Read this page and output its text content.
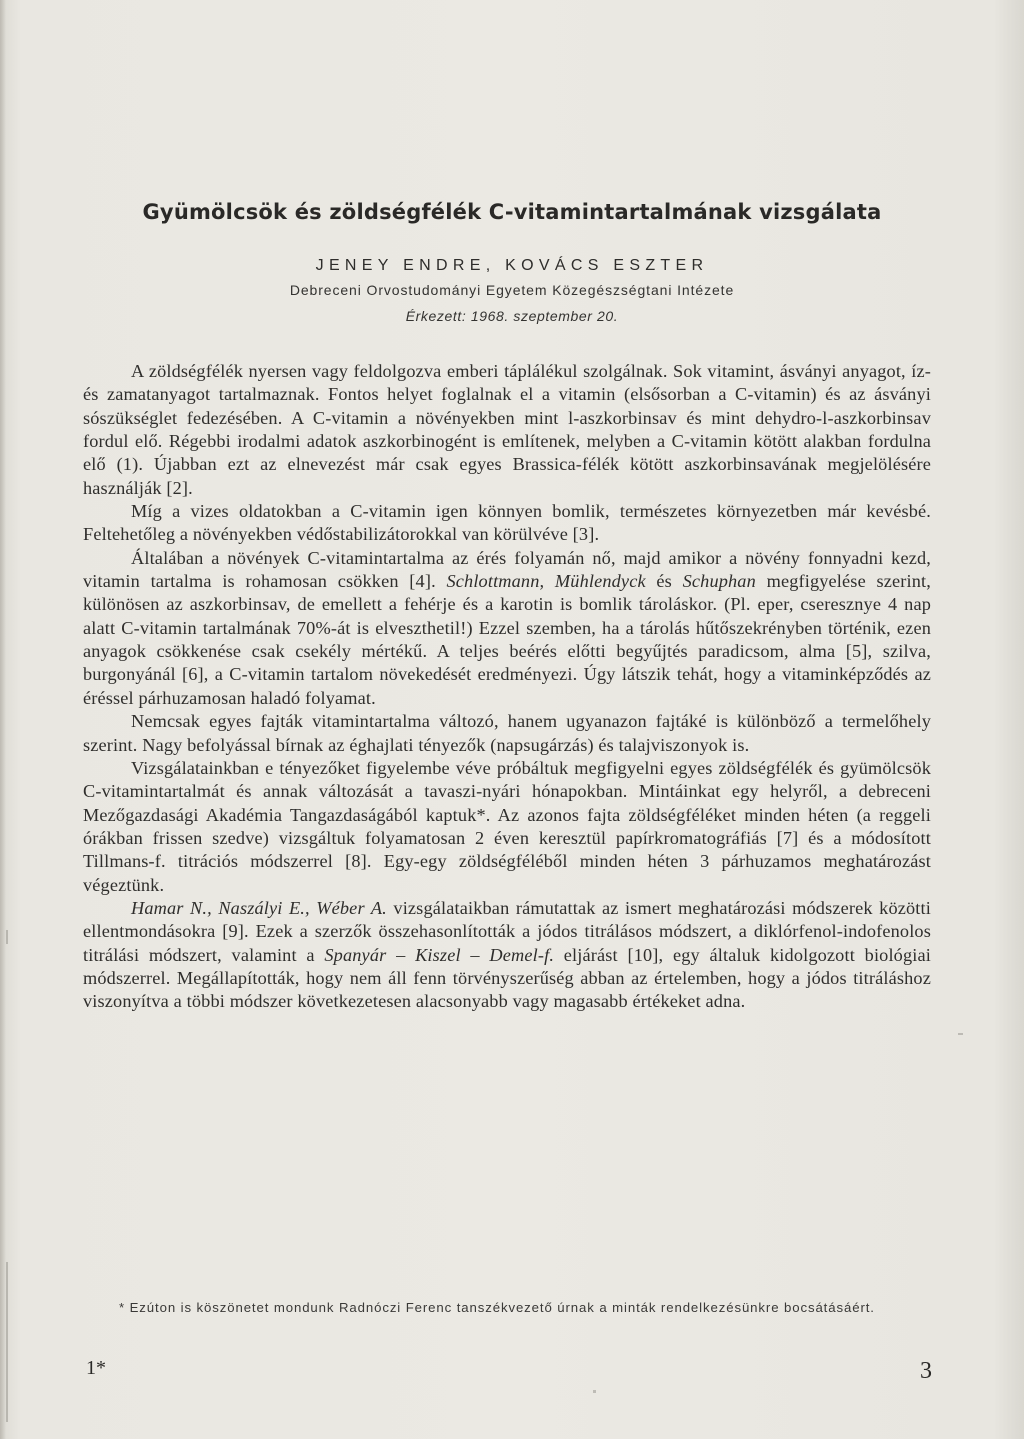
Gyümölcsök és zöldségfélék C-vitamintartalmának vizsgálata
JENEY ENDRE, KOVÁCS ESZTER
Debreceni Orvostudományi Egyetem Közegészségtani Intézete
Érkezett: 1968. szeptember 20.

A zöldségfélék nyersen vagy feldolgozva emberi táplálékul szolgálnak. Sok vitamint, ásványi anyagot, íz- és zamatanyagot tartalmaznak. Fontos helyet foglalnak el a vitamin (elsősorban a C-vitamin) és az ásványi sószükséglet fedezésében. A C-vitamin a növényekben mint l-aszkorbinsav és mint dehydro-l-aszkorbinsav fordul elő. Régebbi irodalmi adatok aszkorbinogént is említenek, melyben a C-vitamin kötött alakban fordulna elő (1). Újabban ezt az elnevezést már csak egyes Brassica-félék kötött aszkorbinsavának megjelölésére használják [2].

Míg a vizes oldatokban a C-vitamin igen könnyen bomlik, természetes környezetben már kevésbé. Feltehetőleg a növényekben védőstabilizátorokkal van körülvéve [3].

Általában a növények C-vitamintartalma az érés folyamán nő, majd amikor a növény fonnyadni kezd, vitamin tartalma is rohamosan csökken [4]. Schlottmann, Mühlendyck és Schuphan megfigyelése szerint, különösen az aszkorbinsav, de emellett a fehérje és a karotin is bomlik tároláskor. (Pl. eper, cseresznye 4 nap alatt C-vitamin tartalmának 70%-át is elveszthetil!) Ezzel szemben, ha a tárolás hűtőszekrényben történik, ezen anyagok csökkenése csak csekély mértékű. A teljes beérés előtti begyűjtés paradicsom, alma [5], szilva, burgonyánál [6], a C-vitamin tartalom növekedését eredményezi. Úgy látszik tehát, hogy a vitaminképződés az éréssel párhuzamosan haladó folyamat.

Nemcsak egyes fajták vitamintartalma változó, hanem ugyanazon fajtáké is különböző a termelőhely szerint. Nagy befolyással bírnak az éghajlati tényezők (napsugárzás) és talajviszonyok is.

Vizsgálatainkban e tényezőket figyelembe véve próbáltuk megfigyelni egyes zöldségfélék és gyümölcsök C-vitamintartalmát és annak változását a tavaszi-nyári hónapokban. Mintáinkat egy helyről, a debreceni Mezőgazdasági Akadémia Tangazdaságából kaptuk*. Az azonos fajta zöldségféléket minden héten (a reggeli órákban frissen szedve) vizsgáltuk folyamatosan 2 éven keresztül papírkromatográfiás [7] és a módosított Tillmans-f. titrációs módszerrel [8]. Egy-egy zöldségféléből minden héten 3 párhuzamos meghatározást végeztünk.

Hamar N., Naszályi E., Wéber A. vizsgálataikban rámutattak az ismert meghatározási módszerek közötti ellentmondásokra [9]. Ezek a szerzők összehasonlították a jódos titrálásos módszert, a diklórfenol-indofenolos titrálási módszert, valamint a Spanyár – Kiszel – Demel-f. eljárást [10], egy általuk kidolgozott biológiai módszerrel. Megállapították, hogy nem áll fenn törvényszerűség abban az értelemben, hogy a jódos titráláshoz viszonyítva a többi módszer következetesen alacsonyabb vagy magasabb értékeket adna.

* Ezúton is köszönetet mondunk Radnóczi Ferenc tanszékvezető úrnak a minták rendelkezésünkre bocsátásáért.
1*	3
